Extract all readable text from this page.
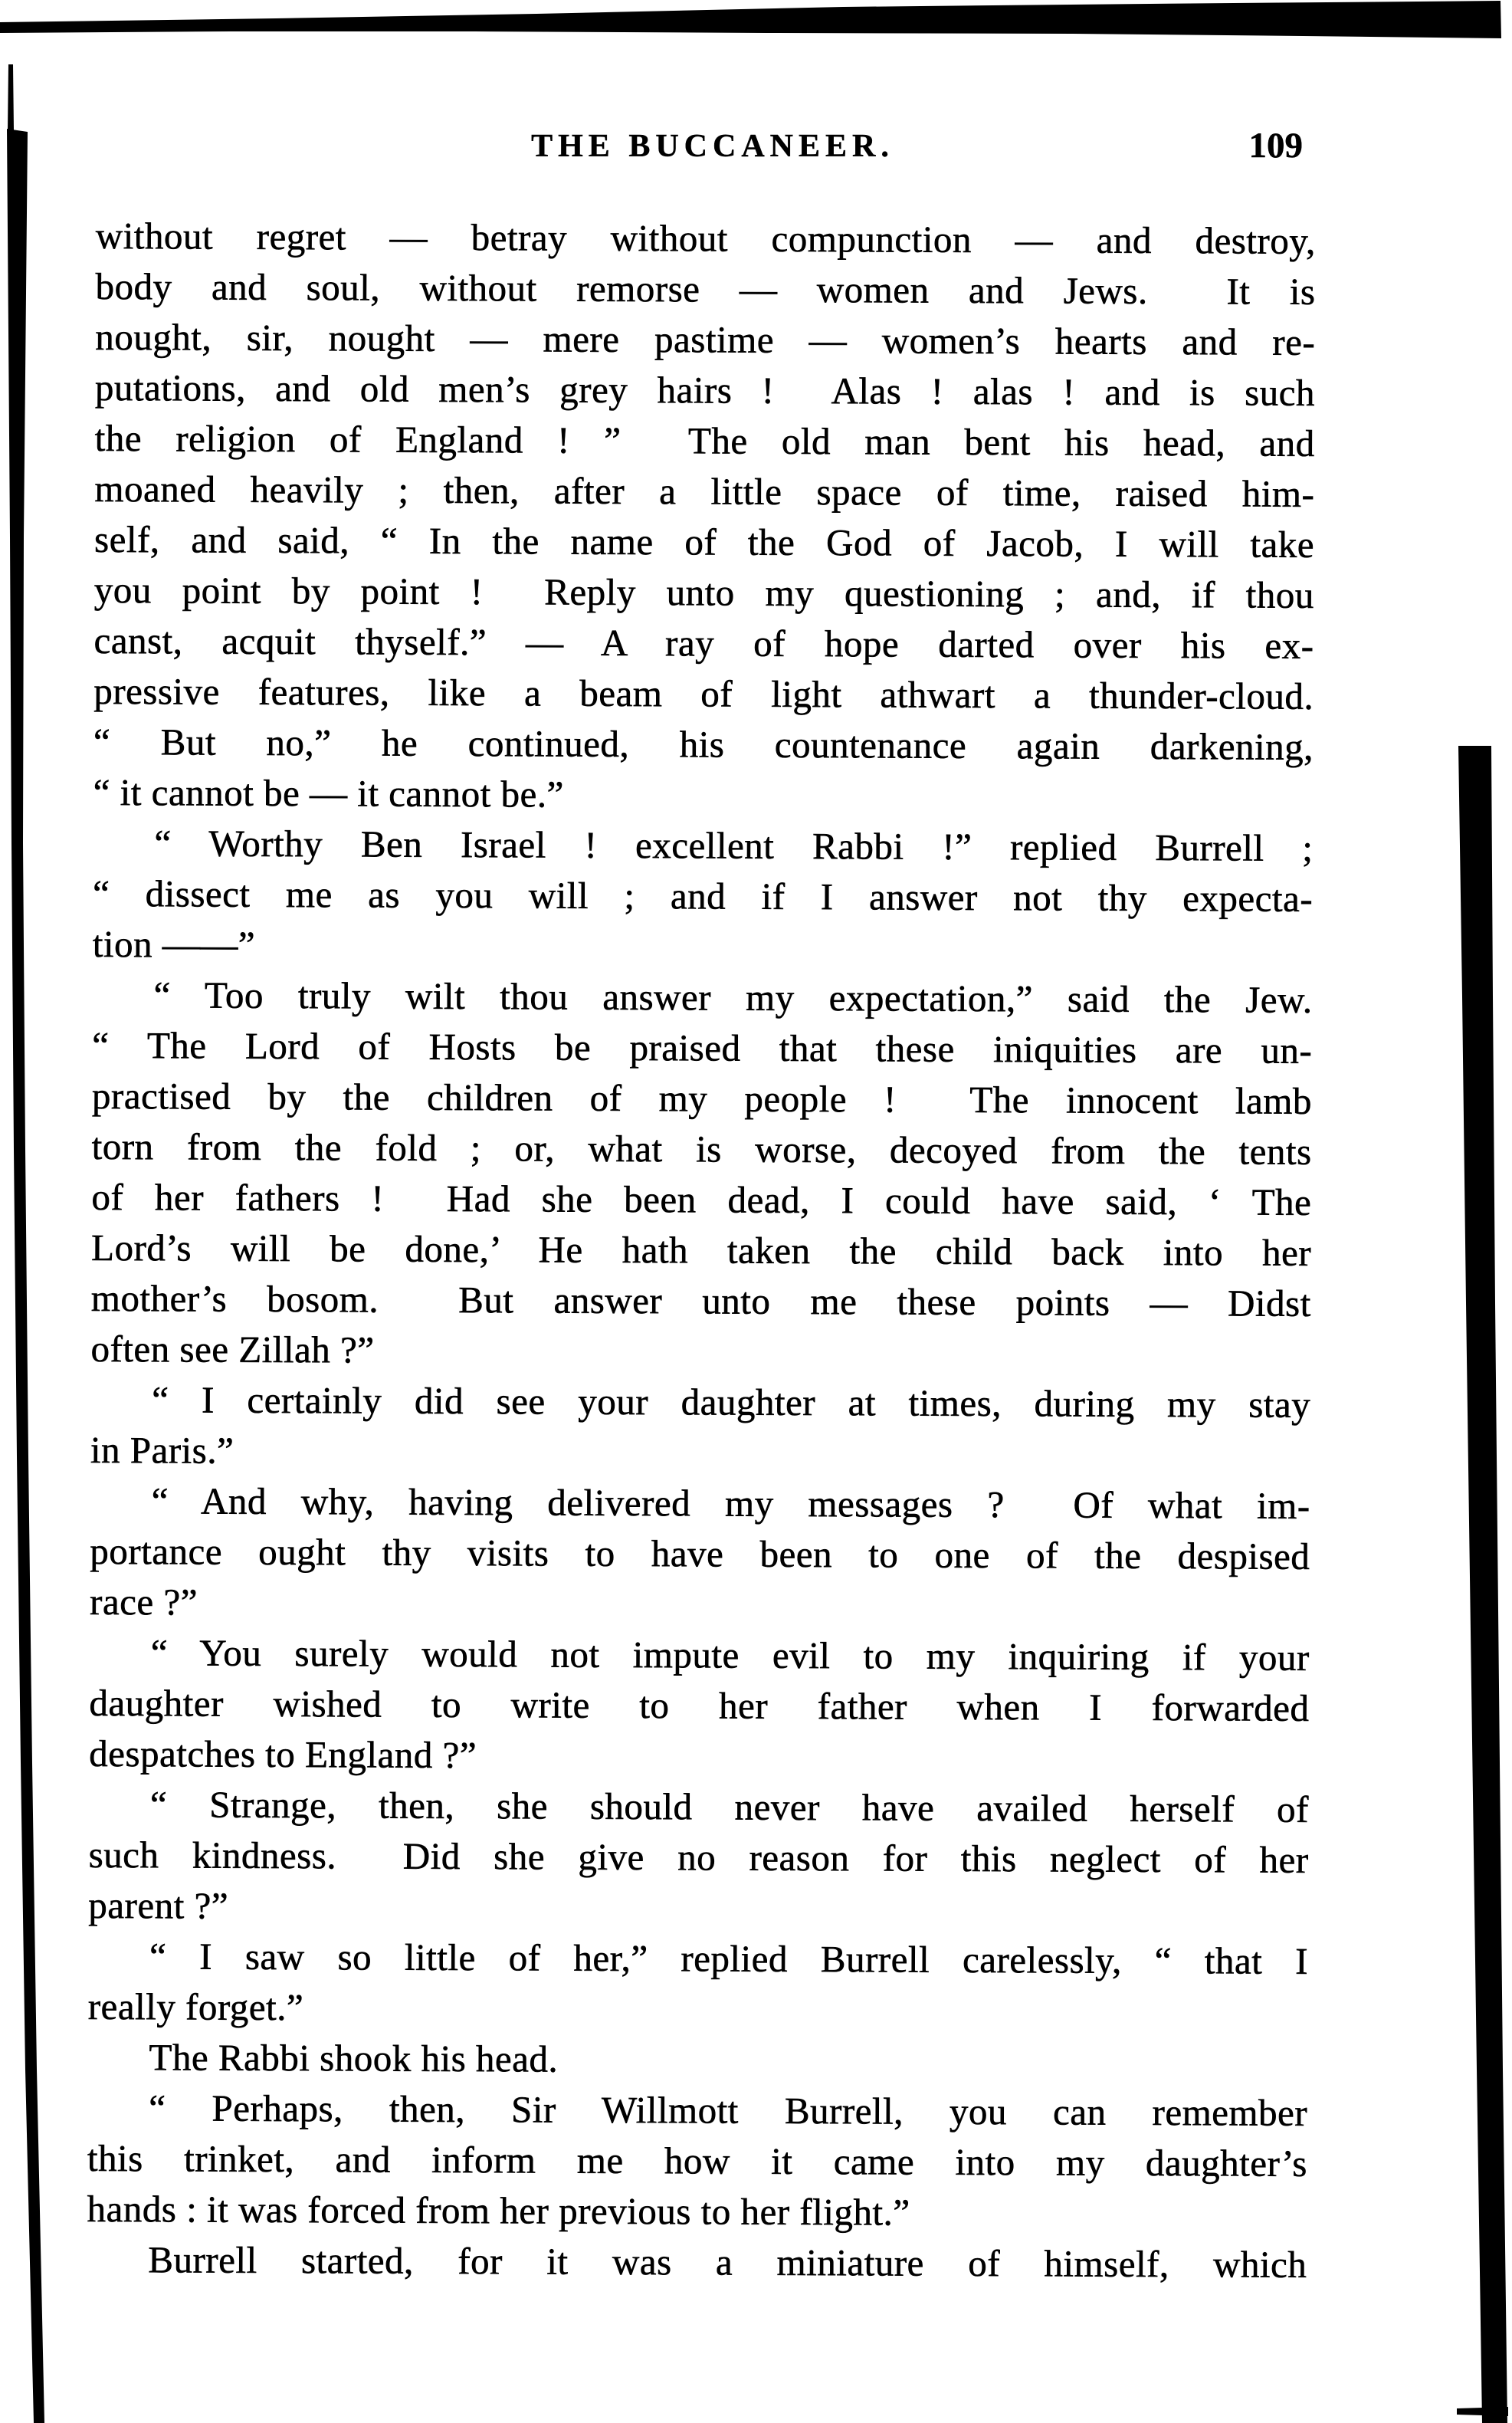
THE BUCCANEER.	109
without regret — betray without compunction — and destroy,
body and soul, without remorse — women and Jews.  It is
nought, sir, nought — mere pastime — women’s hearts and re-
putations, and old men’s grey hairs !  Alas ! alas ! and is such
the religion of England ! ”  The old man bent his head, and
moaned heavily ; then, after a little space of time, raised him-
self, and said, “ In the name of the God of Jacob, I will take
you point by point !  Reply unto my questioning ; and, if thou
canst, acquit thyself.” — A ray of hope darted over his ex-
pressive features, like a beam of light athwart a thunder-cloud.
“ But no,” he continued, his countenance again darkening,
“ it cannot be — it cannot be.”
“ Worthy Ben Israel ! excellent Rabbi !” replied Burrell ;
“ dissect me as you will ; and if I answer not thy expecta-
tion ——”
“ Too truly wilt thou answer my expectation,” said the Jew.
“ The Lord of Hosts be praised that these iniquities are un-
practised by the children of my people !  The innocent lamb
torn from the fold ; or, what is worse, decoyed from the tents
of her fathers !  Had she been dead, I could have said, ‘ The
Lord’s will be done,’ He hath taken the child back into her
mother’s bosom.  But answer unto me these points — Didst
often see Zillah ?”
“ I certainly did see your daughter at times, during my stay
in Paris.”
“ And why, having delivered my messages ?  Of what im-
portance ought thy visits to have been to one of the despised
race ?”
“ You surely would not impute evil to my inquiring if your
daughter wished to write to her father when I forwarded
despatches to England ?”
“ Strange, then, she should never have availed herself of
such kindness.  Did she give no reason for this neglect of her
parent ?”
“ I saw so little of her,” replied Burrell carelessly, “ that I
really forget.”
The Rabbi shook his head.
“ Perhaps, then, Sir Willmott Burrell, you can remember
this trinket, and inform me how it came into my daughter’s
hands : it was forced from her previous to her flight.”
Burrell started, for it was a miniature of himself, which
